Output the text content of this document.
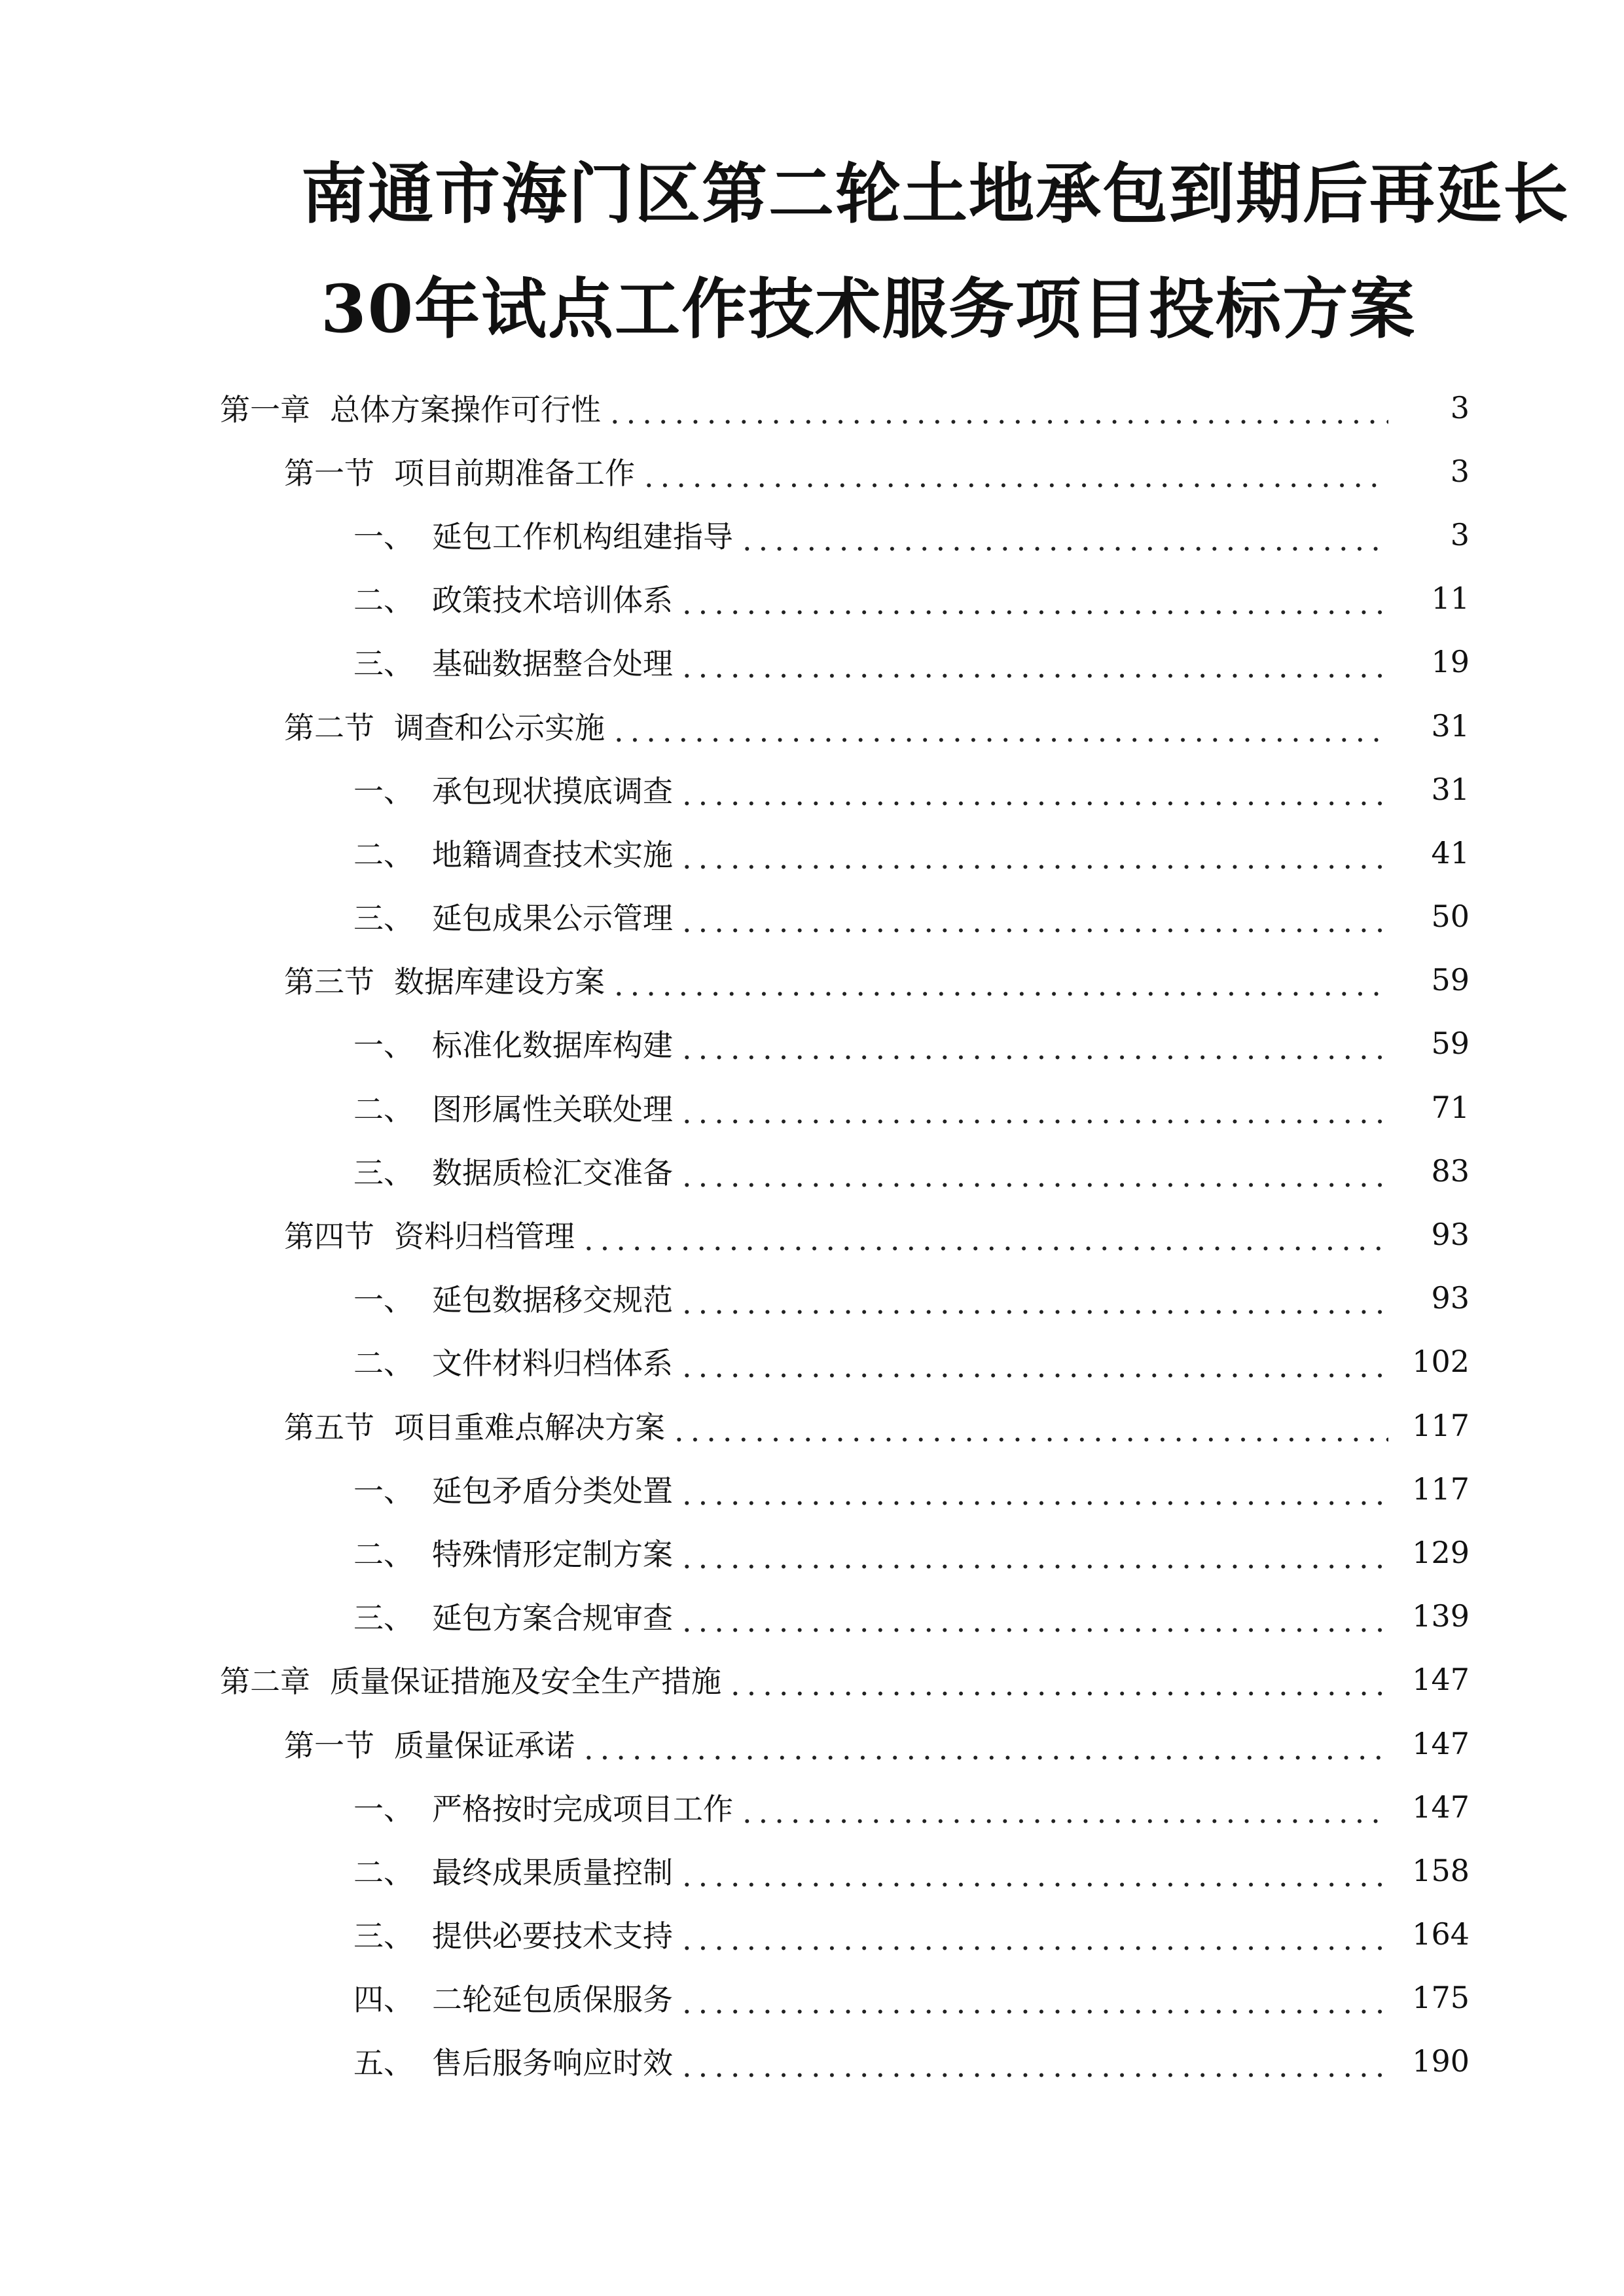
南通市海门区第二轮土地承包到期后再延长
30年试点工作技术服务项目投标方案
第一章 总体方案操作可行性 .....	3
第一节 项目前期准备工作 .....	3
一、 延包工作机构组建指导 .....	3
二、 政策技术培训体系 .....	11
三、 基础数据整合处理 .....	19
第二节 调查和公示实施 .....	31
一、 承包现状摸底调查 .....	31
二、 地籍调查技术实施 .....	41
三、 延包成果公示管理 .....	50
第三节 数据库建设方案 .....	59
一、 标准化数据库构建 .....	59
二、 图形属性关联处理 .....	71
三、 数据质检汇交准备 .....	83
第四节 资料归档管理 .....	93
一、 延包数据移交规范 .....	93
二、 文件材料归档体系 .....	102
第五节 项目重难点解决方案 .....	117
一、 延包矛盾分类处置 .....	117
二、 特殊情形定制方案 .....	129
三、 延包方案合规审查 .....	139
第二章 质量保证措施及安全生产措施 .....	147
第一节 质量保证承诺 .....	147
一、 严格按时完成项目工作 .....	147
二、 最终成果质量控制 .....	158
三、 提供必要技术支持 .....	164
四、 二轮延包质保服务 .....	175
五、 售后服务响应时效 .....	190
